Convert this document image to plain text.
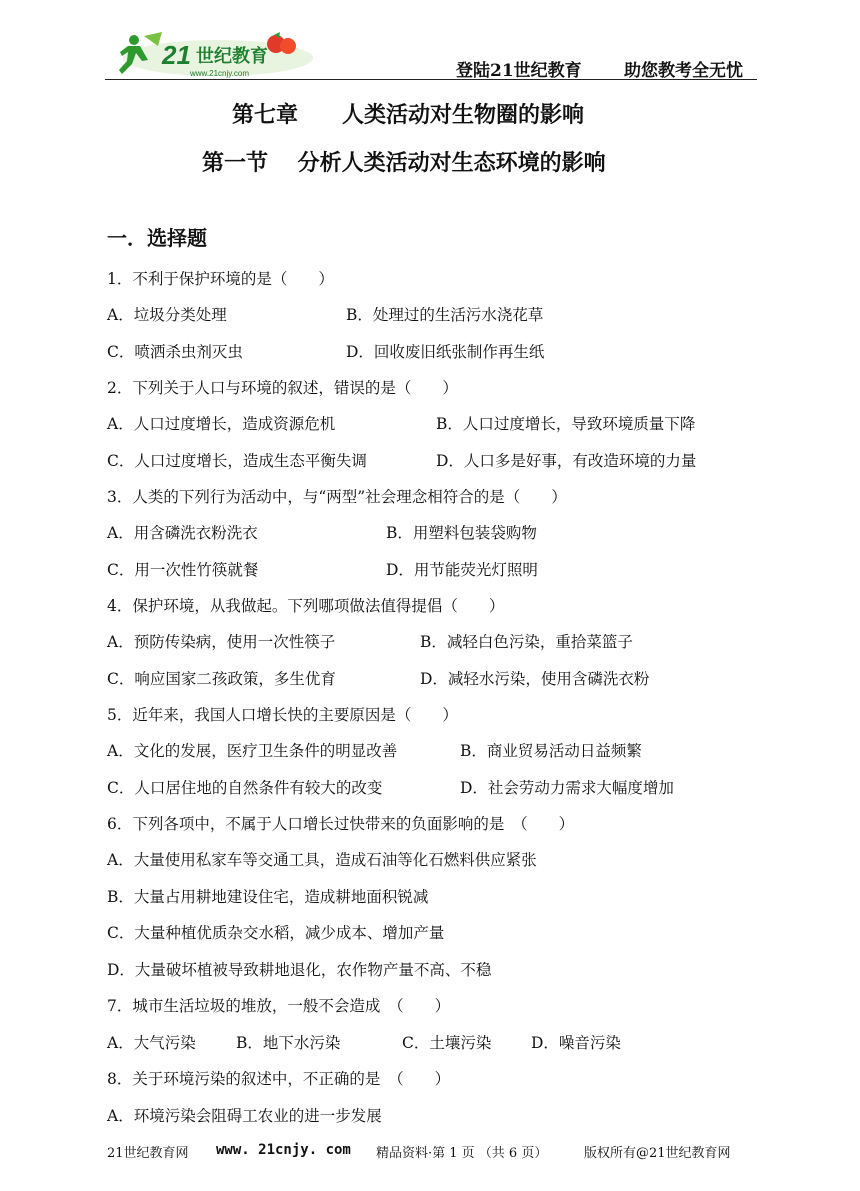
21 世纪教育
www.21cnjy.com	登陆21世纪教育 助您教考全无忧
第七章　　人类活动对生物圈的影响
第一节　 分析人类活动对生态环境的影响
一．选择题
1．不利于保护环境的是（　　）
A．垃圾分类处理	B．处理过的生活污水浇花草
C．喷洒杀虫剂灭虫	D．回收废旧纸张制作再生纸
2．下列关于人口与环境的叙述，错误的是（　　）
A．人口过度增长，造成资源危机	B．人口过度增长，导致环境质量下降
C．人口过度增长，造成生态平衡失调	D．人口多是好事，有改造环境的力量
3．人类的下列行为活动中，与“两型”社会理念相符合的是（　　）
A．用含磷洗衣粉洗衣	B．用塑料包装袋购物
C．用一次性竹筷就餐	D．用节能荧光灯照明
4．保护环境，从我做起。下列哪项做法值得提倡（　　）
A．预防传染病，使用一次性筷子	B．减轻白色污染，重拾菜篮子
C．响应国家二孩政策，多生优育	D．减轻水污染，使用含磷洗衣粉
5．近年来，我国人口增长快的主要原因是（　　）
A．文化的发展，医疗卫生条件的明显改善	B．商业贸易活动日益频繁
C．人口居住地的自然条件有较大的改变	D．社会劳动力需求大幅度增加
6．下列各项中，不属于人口增长过快带来的负面影响的是　（　　）
A．大量使用私家车等交通工具，造成石油等化石燃料供应紧张
B．大量占用耕地建设住宅，造成耕地面积锐减
C．大量种植优质杂交水稻，减少成本、增加产量
D．大量破坏植被导致耕地退化，农作物产量不高、不稳
7．城市生活垃圾的堆放，一般不会造成　（　　）
A．大气污染	B．地下水污染	C．土壤污染	D．噪音污染
8．关于环境污染的叙述中，不正确的是　（　　）
A．环境污染会阻碍工农业的进一步发展
21世纪教育网 www. 21cnjy. com 精品资料·第 1 页 （共 6 页）	版权所有@21世纪教育网
